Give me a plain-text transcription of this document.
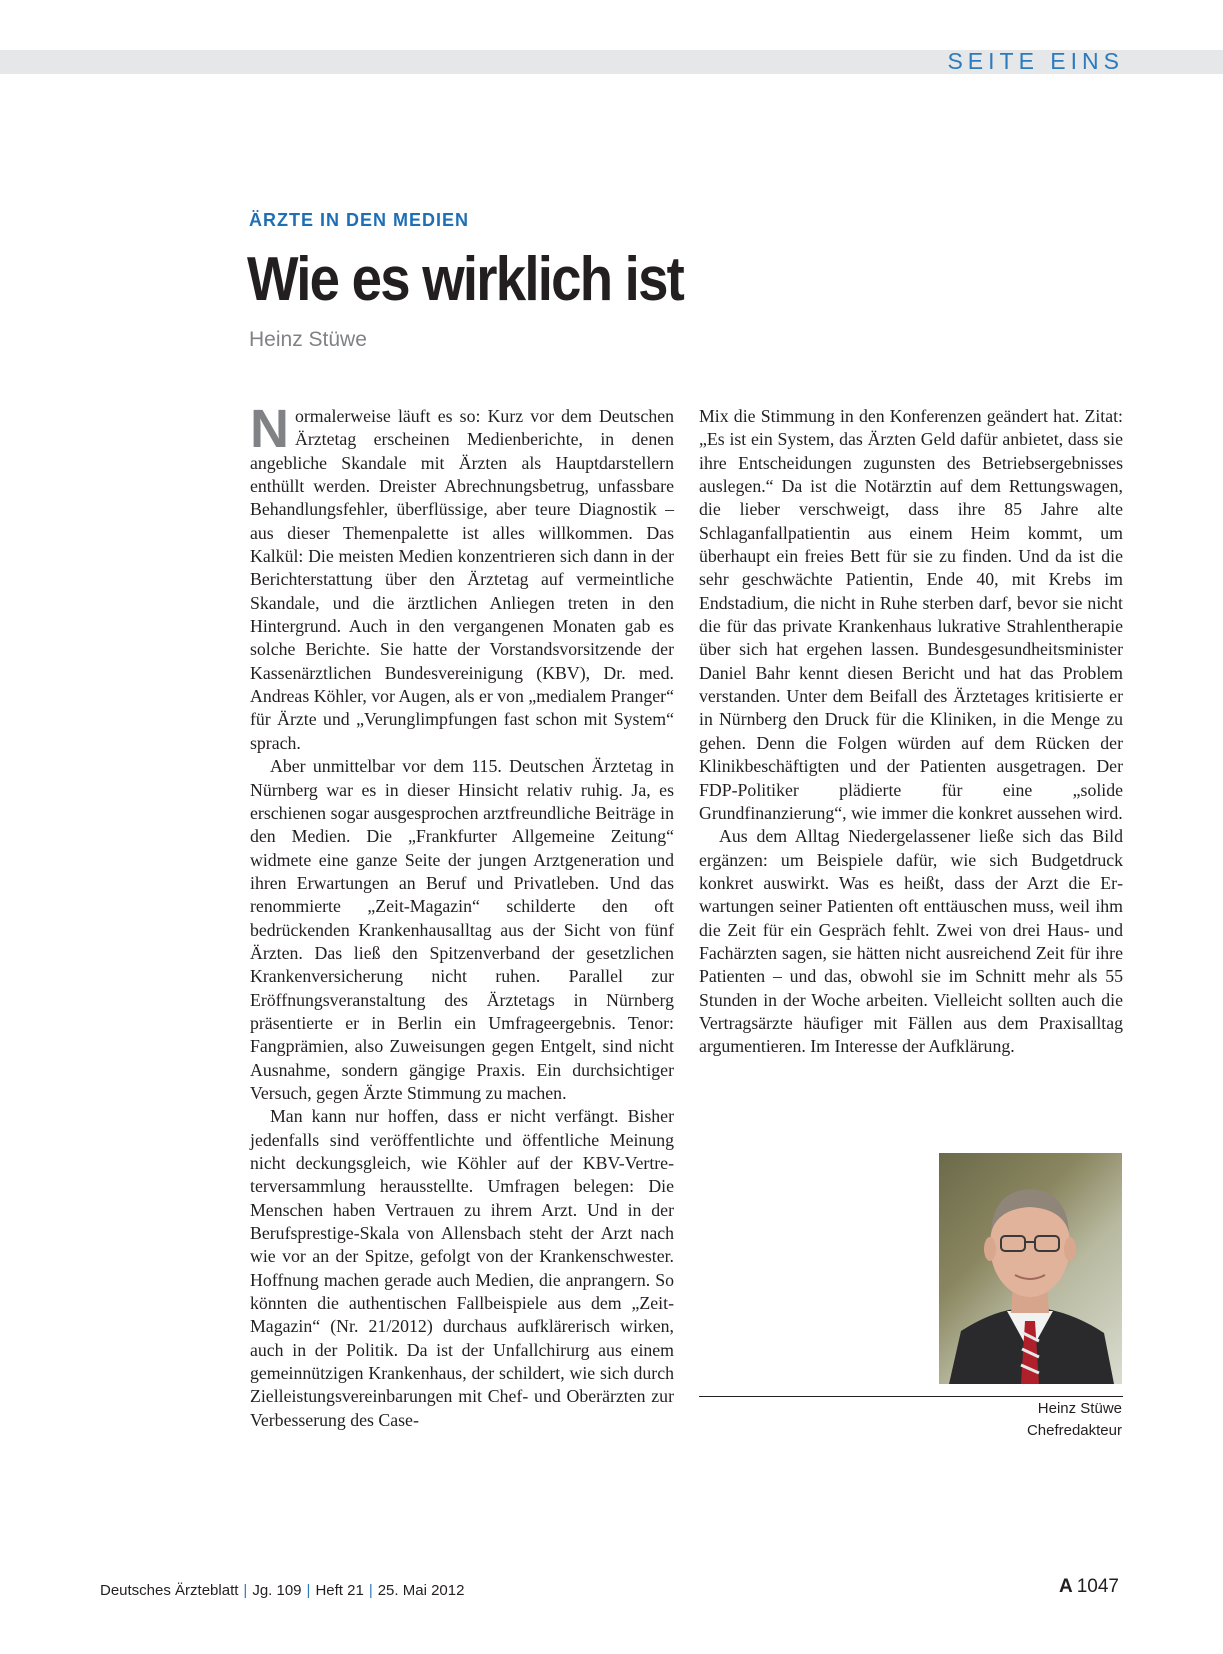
SEITE EINS
ÄRZTE IN DEN MEDIEN
Wie es wirklich ist
Heinz Stüwe

Normalerweise läuft es so: Kurz vor dem Deutschen Ärztetag erscheinen Medienberichte, in denen angebliche Skandale mit Ärzten als Hauptdarstellern enthüllt werden. Dreister Abrechnungsbetrug, unfassbare Behandlungsfehler, überflüssige, aber teure Diagnostik – aus dieser Themenpalette ist alles willkommen. Das Kalkül: Die meisten Medien konzentrieren sich dann in der Berichterstattung über den Ärztetag auf vermeintliche Skandale, und die ärztlichen Anliegen treten in den Hintergrund. Auch in den vergangenen Monaten gab es solche Berichte. Sie hatte der Vorstandsvorsitzende der Kassenärztlichen Bundesvereinigung (KBV), Dr. med. Andreas Köhler, vor Augen, als er von „medialem Pranger“ für Ärzte und „Verunglimpfungen fast schon mit System“ sprach.

Aber unmittelbar vor dem 115. Deutschen Ärztetag in Nürnberg war es in dieser Hinsicht relativ ruhig. Ja, es erschienen sogar ausgesprochen arztfreundliche Beiträge in den Medien. Die „Frankfurter Allgemeine Zeitung“ widmete eine ganze Seite der jungen Arztgeneration und ihren Erwartungen an Beruf und Privatleben. Und das renommierte „Zeit-Magazin“ schilderte den oft bedrückenden Krankenhausalltag aus der Sicht von fünf Ärzten. Das ließ den Spitzenverband der gesetzlichen Krankenversicherung nicht ruhen. Parallel zur Eröffnungsveranstaltung des Ärztetags in Nürnberg präsentierte er in Berlin ein Umfrageergebnis. Tenor: Fangprämien, also Zuweisungen gegen Entgelt, sind nicht Ausnahme, sondern gängige Praxis. Ein durchsichtiger Versuch, gegen Ärzte Stimmung zu machen.

Man kann nur hoffen, dass er nicht verfängt. Bisher jedenfalls sind veröffentlichte und öffentliche Meinung nicht deckungsgleich, wie Köhler auf der KBV-Vertreterversammlung herausstellte. Umfragen belegen: Die Menschen haben Vertrauen zu ihrem Arzt. Und in der Berufsprestige-Skala von Allensbach steht der Arzt nach wie vor an der Spitze, gefolgt von der Krankenschwester. Hoffnung machen gerade auch Medien, die anprangern. So könnten die authentischen Fallbeispiele aus dem „Zeit-Magazin“ (Nr. 21/2012) durchaus aufklärerisch wirken, auch in der Politik. Da ist der Unfallchirurg aus einem gemeinnützigen Krankenhaus, der schildert, wie sich durch Zielleistungsvereinbarungen mit Chef- und Oberärzten zur Verbesserung des Case-

Mix die Stimmung in den Konferenzen geändert hat. Zitat: „Es ist ein System, das Ärzten Geld dafür anbietet, dass sie ihre Entscheidungen zugunsten des Betriebsergebnisses auslegen.“ Da ist die Notärztin auf dem Rettungswagen, die lieber verschweigt, dass ihre 85 Jahre alte Schlaganfallpatientin aus einem Heim kommt, um überhaupt ein freies Bett für sie zu finden. Und da ist die sehr geschwächte Patientin, Ende 40, mit Krebs im Endstadium, die nicht in Ruhe sterben darf, bevor sie nicht die für das private Krankenhaus lukrative Strahlentherapie über sich hat ergehen lassen. Bundesgesundheitsminister Daniel Bahr kennt diesen Bericht und hat das Problem verstanden. Unter dem Beifall des Ärztetages kritisierte er in Nürnberg den Druck für die Kliniken, in die Menge zu gehen. Denn die Folgen würden auf dem Rücken der Klinikbeschäftigten und der Patienten ausgetragen. Der FDP-Politiker plädierte für eine „solide Grundfinanzierung“, wie immer die konkret aussehen wird.

Aus dem Alltag Niedergelassener ließe sich das Bild ergänzen: um Beispiele dafür, wie sich Budgetdruck konkret auswirkt. Was es heißt, dass der Arzt die Erwartungen seiner Patienten oft enttäuschen muss, weil ihm die Zeit für ein Gespräch fehlt. Zwei von drei Haus- und Fachärzten sagen, sie hätten nicht ausreichend Zeit für ihre Patienten – und das, obwohl sie im Schnitt mehr als 55 Stunden in der Woche arbeiten. Vielleicht sollten auch die Vertragsärzte häufiger mit Fällen aus dem Praxisalltag argumentieren. Im Interesse der Aufklärung.

Heinz Stüwe
Chefredakteur
Deutsches Ärzteblatt | Jg. 109 | Heft 21 | 25. Mai 2012	A 1047
